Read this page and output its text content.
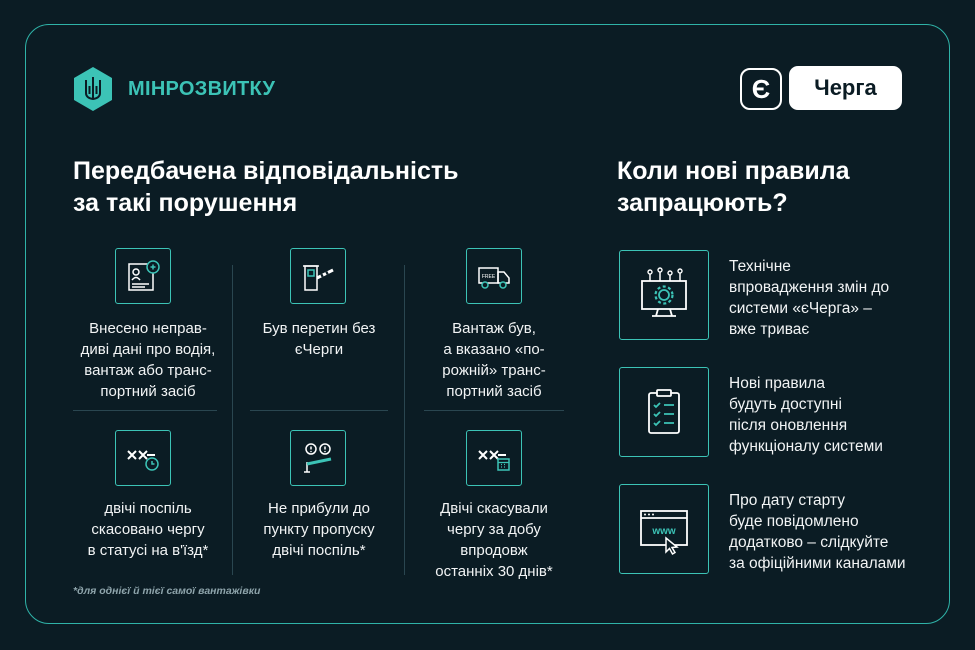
МІНРОЗВИТКУ	Є	Черга
Передбачена відповідальність
за такі порушення
Коли нові правила
запрацюють?
Внесено непрaв-
диві дані про водія,
вантаж або транс-
портний засіб
Був перетин без
єЧерги
FREE
Вантаж був,
а вказано «по-
рожній» транс-
портний засіб
двічі поспіль
скасовано чергу
в статусі на в'їзд*
Не прибули до
пункту пропуску
двічі поспіль*
Двічі скасували
чергу за добу
впродовж
останніх 30 днів*
*для однієї й тієї самої вантажівки
Технічне
впровадження змін до
системи «єЧерга» –
вже триває
Нові правила
будуть доступні
після оновлення
функціоналу системи
www
Про дату старту
буде повідомлено
додатково – слідкуйте
за офіційними каналами
